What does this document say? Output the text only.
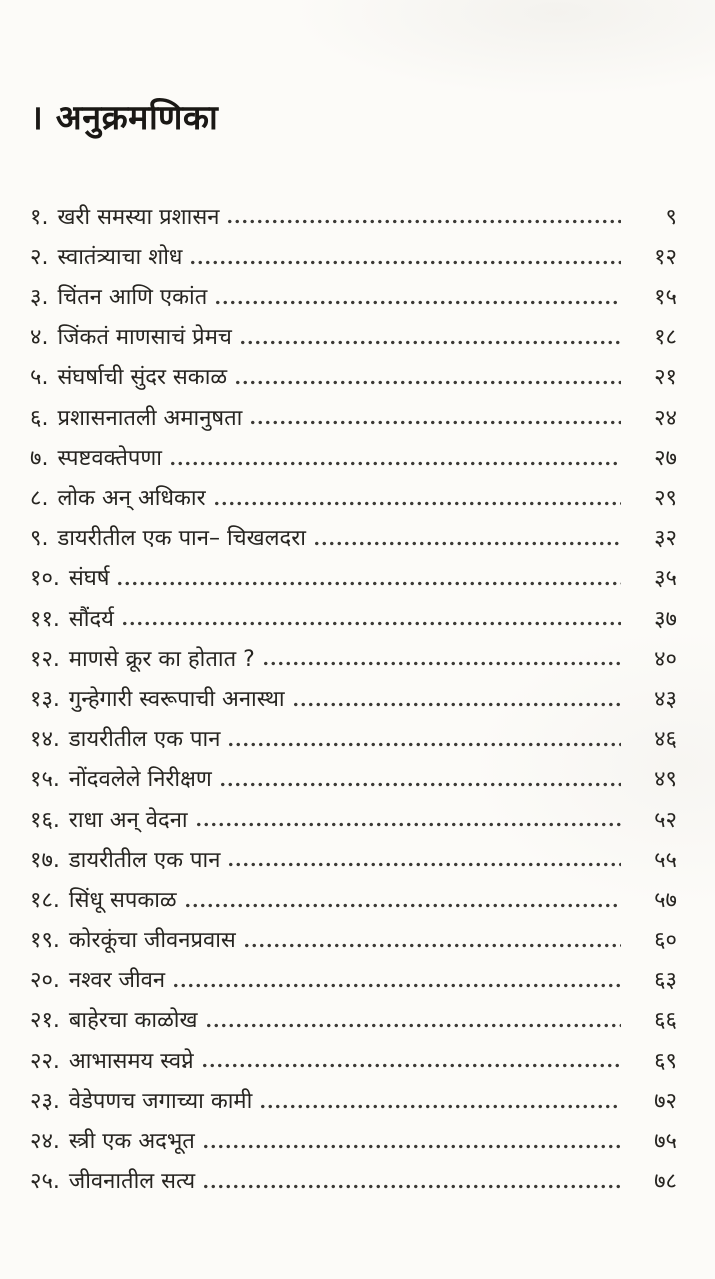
। अनुक्रमणिका
१. खरी समस्या प्रशासन	९
२. स्वातंत्र्याचा शोध	१२
३. चिंतन आणि एकांत	१५
४. जिंकतं माणसाचं प्रेमच	१८
५. संघर्षाची सुंदर सकाळ	२१
६. प्रशासनातली अमानुषता	२४
७. स्पष्टवक्तेपणा	२७
८. लोक अन् अधिकार	२९
९. डायरीतील एक पान– चिखलदरा	३२
१०. संघर्ष	३५
११. सौंदर्य	३७
१२. माणसे क्रूर का होतात ?	४०
१३. गुन्हेगारी स्वरूपाची अनास्था	४३
१४. डायरीतील एक पान	४६
१५. नोंदवलेले निरीक्षण	४९
१६. राधा अन् वेदना	५२
१७. डायरीतील एक पान	५५
१८. सिंधू सपकाळ	५७
१९. कोरकूंचा जीवनप्रवास	६०
२०. नश्वर जीवन	६३
२१. बाहेरचा काळोख	६६
२२. आभासमय स्वप्ने	६९
२३. वेडेपणच जगाच्या कामी	७२
२४. स्त्री एक अदभूत	७५
२५. जीवनातील सत्य	७८
